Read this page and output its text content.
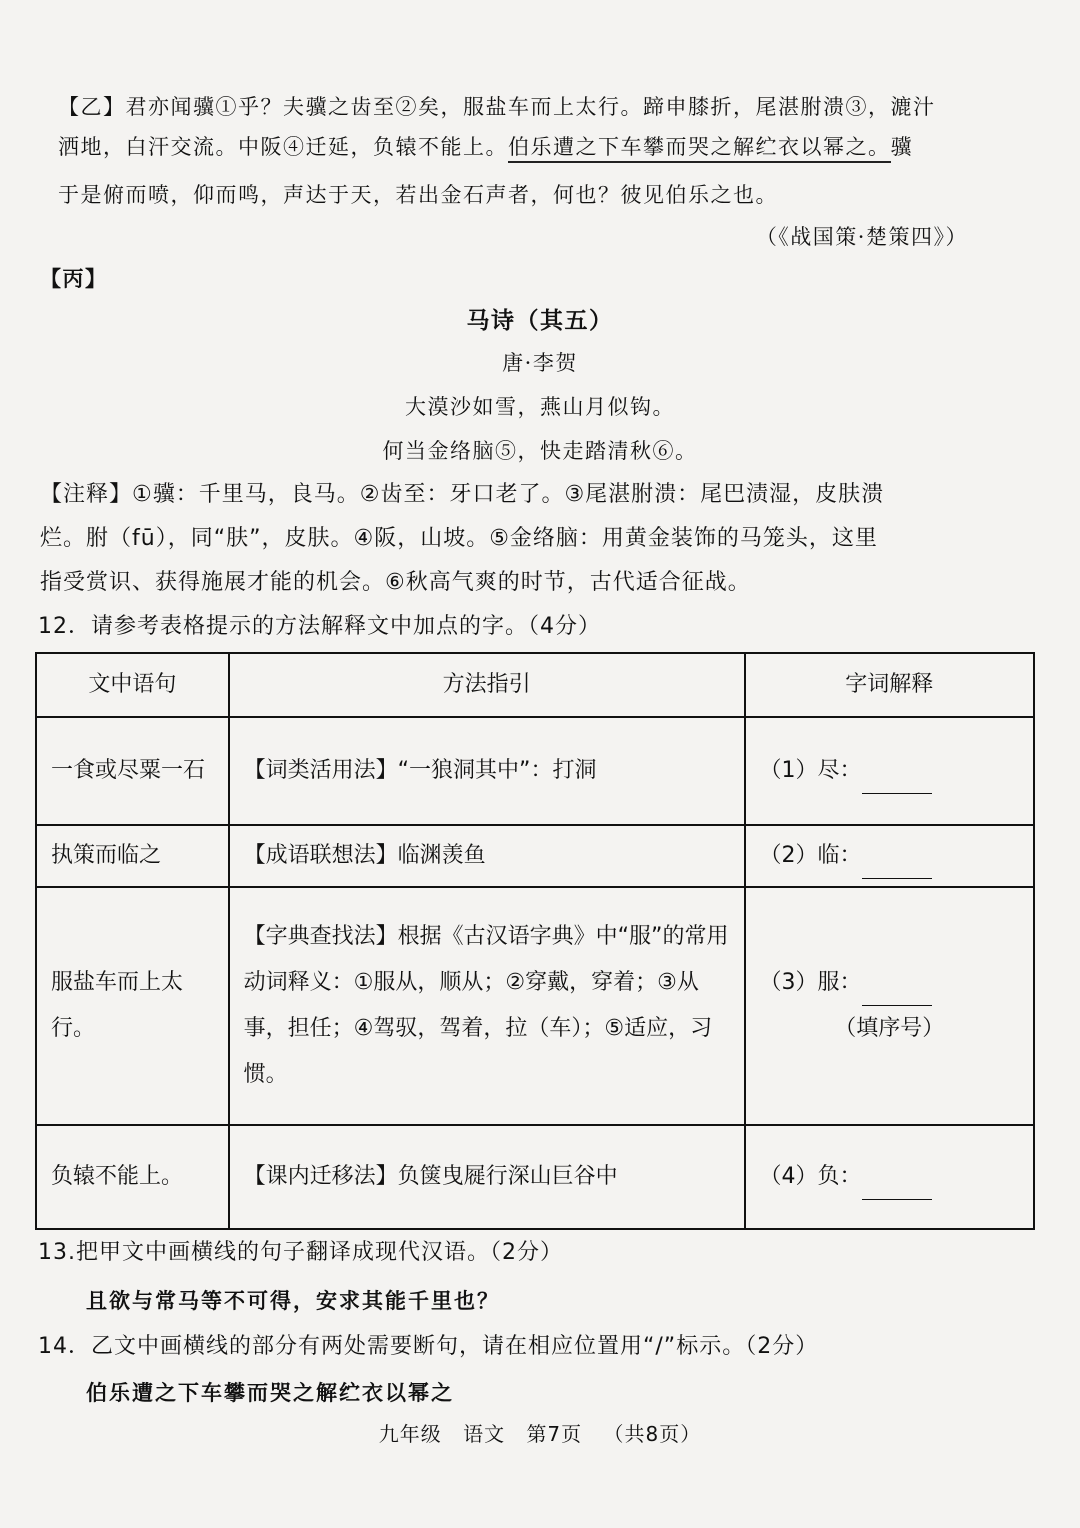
【乙】君亦闻骥①乎？夫骥之齿至②矣，服盐车而上太行。蹄申膝折，尾湛胕溃③，漉汁
洒地，白汗交流。中阪④迁延，负辕不能上。伯乐遭之下车攀而哭之解纻衣以幂之。骥
于是俯而喷，仰而鸣，声达于天，若出金石声者，何也？彼见伯乐之也。
（《战国策·楚策四》）
【丙】
马诗（其五）
唐·李贺
大漠沙如雪，燕山月似钩。
何当金络脑⑤，快走踏清秋⑥。
【注释】①骥：千里马，良马。②齿至：牙口老了。③尾湛胕溃：尾巴渍湿，皮肤溃
烂。胕（fū），同“肤”，皮肤。④阪，山坡。⑤金络脑：用黄金装饰的马笼头，这里
指受赏识、获得施展才能的机会。⑥秋高气爽的时节，古代适合征战。
12．请参考表格提示的方法解释文中加点的字。（4分）
文中语句	方法指引	字词解释
一食或尽粟一石	【词类活用法】“一狼洞其中”：打洞	（1）尽：
执策而临之	【成语联想法】临渊羡鱼	（2）临：
服盐车而上太行。	【字典查找法】根据《古汉语字典》中“服”的常用动词释义：①服从，顺从；②穿戴，穿着；③从事，担任；④驾驭，驾着，拉（车）；⑤适应，习惯。	（3）服：
（填序号）

负辕不能上。	【课内迁移法】负箧曳屣行深山巨谷中	（4）负：
13.把甲文中画横线的句子翻译成现代汉语。（2分）
且欲与常马等不可得，安求其能千里也？
14．乙文中画横线的部分有两处需要断句，请在相应位置用“/”标示。（2分）
伯乐遭之下车攀而哭之解纻衣以幂之
九年级 语文 第7页 （共8页）
